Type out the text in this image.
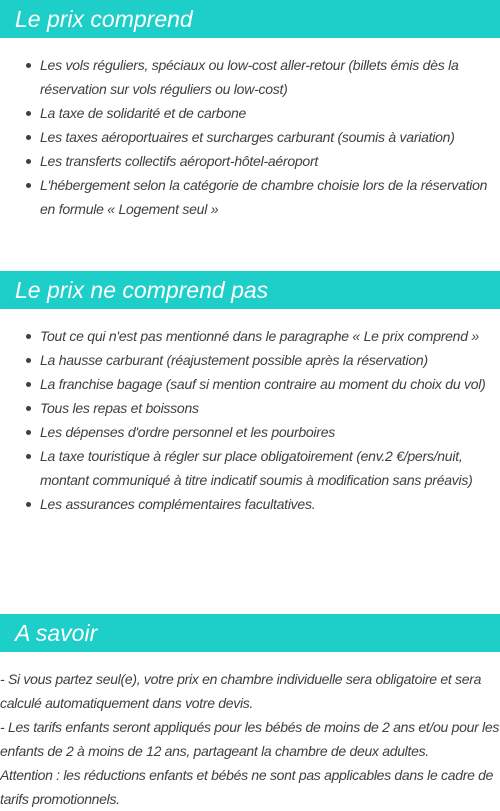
Le prix comprend
Les vols réguliers, spéciaux ou low-cost aller-retour (billets émis dès la réservation sur vols réguliers ou low-cost)
La taxe de solidarité et de carbone
Les taxes aéroportuaires et surcharges carburant (soumis à variation)
Les transferts collectifs aéroport-hôtel-aéroport
L'hébergement selon la catégorie de chambre choisie lors de la réservation en formule « Logement seul »
Le prix ne comprend pas
Tout ce qui n'est pas mentionné dans le paragraphe « Le prix comprend »
La hausse carburant (réajustement possible après la réservation)
La franchise bagage (sauf si mention contraire au moment du choix du vol)
Tous les repas et boissons
Les dépenses d'ordre personnel et les pourboires
La taxe touristique à régler sur place obligatoirement (env.2 €/pers/nuit, montant communiqué à titre indicatif soumis à modification sans préavis)
Les assurances complémentaires facultatives.
A savoir

- Si vous partez seul(e), votre prix en chambre individuelle sera obligatoire et sera calculé automatiquement dans votre devis.

- Les tarifs enfants seront appliqués pour les bébés de moins de 2 ans et/ou pour les enfants de 2 à moins de 12 ans, partageant la chambre de deux adultes.

Attention : les réductions enfants et bébés ne sont pas applicables dans le cadre de tarifs promotionnels.
